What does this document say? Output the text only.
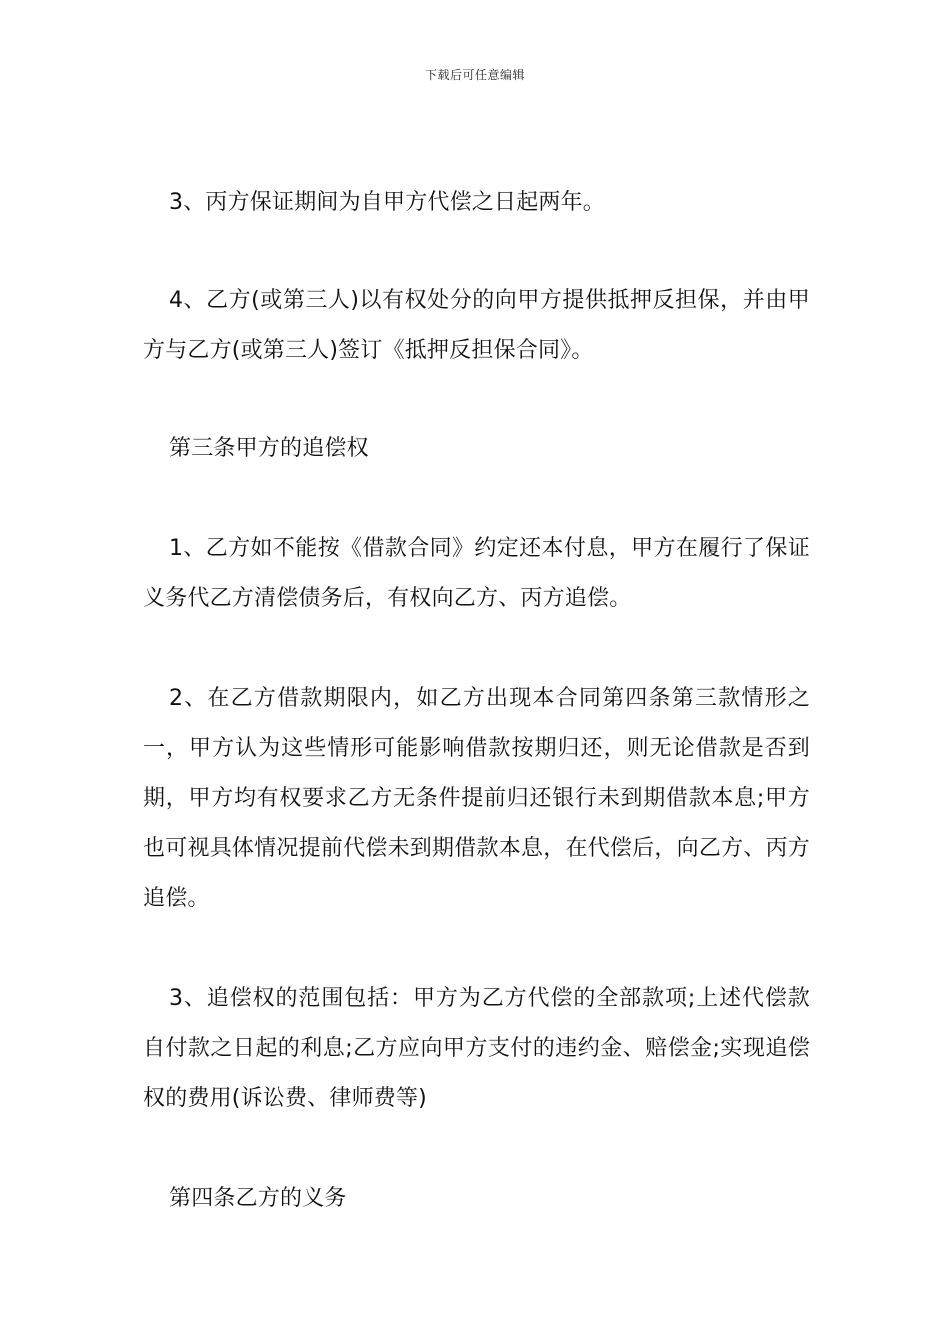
下载后可任意编辑

3、丙方保证期间为自甲方代偿之日起两年。

4、乙方(或第三人)以有权处分的向甲方提供抵押反担保，并由甲方与乙方(或第三人)签订《抵押反担保合同》。

第三条甲方的追偿权

1、乙方如不能按《借款合同》约定还本付息，甲方在履行了保证义务代乙方清偿债务后，有权向乙方、丙方追偿。

2、在乙方借款期限内，如乙方出现本合同第四条第三款情形之一，甲方认为这些情形可能影响借款按期归还，则无论借款是否到期，甲方均有权要求乙方无条件提前归还银行未到期借款本息;甲方也可视具体情况提前代偿未到期借款本息，在代偿后，向乙方、丙方追偿。

3、追偿权的范围包括：甲方为乙方代偿的全部款项;上述代偿款自付款之日起的利息;乙方应向甲方支付的违约金、赔偿金;实现追偿权的费用(诉讼费、律师费等)

第四条乙方的义务
